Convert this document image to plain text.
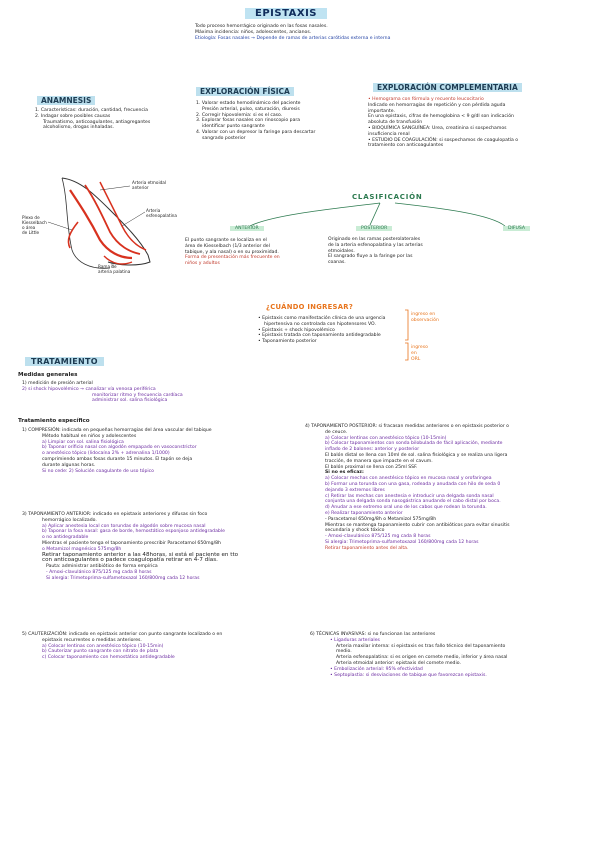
EPISTAXIS
Todo proceso hemorrágico originado en las fosas nasales.
Máxima incidencia: niños, adolescentes, ancianos.
Etiología: Fosas nasales → Depende de ramas de arterias carótidas externa e interna
ANAMNESIS
1. Características: duración, cantidad, frecuencia
2. Indagar sobre posibles causas
Traumatismo, anticoagulantes, antiagregantes
alcoholismo, drogas inhaladas.
EXPLORACIÓN FÍSICA
1. Valorar estado hemodinámico del paciente
Presión arterial, pulso, saturación, diuresis
2. Corregir hipovolemia: si es el caso.
3. Explorar fosas nasales con rinoscopio para
identificar punto sangrante
4. Valorar con un depresor la faringe para descartar
sangrado posterior
EXPLORACIÓN COMPLEMENTARIA
• Hemograma con fórmula y recuento leucocitario
Indicado en hemorragias de repetición y con pérdida aguda
importante.
En una epistaxis, cifras de hemoglobina < 9 g/dl son indicación
absoluta de transfusión
• BIOQUÍMICA SANGUÍNEA: Urea, creatinina si sospechamos
insuficiencia renal
• ESTUDIO DE COAGULACIÓN: si sospechamos de coagulopatía o
tratamiento con anticoagulantes
Arteria etmoidal
anterior
Arteria
esfenopalatina
Plexo de
Kiesselbach
o área
de Little
Rama de
arteria palatina
CLASIFICACIÓN
ANTERIOR	POSTERIOR	DIFUSA
El punto sangrante se localiza en el
área de Kiesselbach (1/3 anterior del
tabique, y ala nasal) o en su proximidad.
Forma de presentación más frecuente en
niños y adultos
Originado en las ramas posterolaterales
de la arteria esfenopalatina y las arterias
etmoidales.
El sangrado fluye a la faringe por las
coanas.
¿CUÁNDO INGRESAR?
• Epistaxis como manifestación clínica de una urgencia
hipertensiva no controlada con hipotensores VO.
• Epistaxis + shock hipovolémico
• Epistaxis tratada con taponamiento antidegradable
• Taponamiento posterior
ingreso en
observación
ingreso
en
ORL
TRATAMIENTO
Medidas generales
1) medición de presión arterial
2) si shock hipovolémico → canalizar vía venosa periférica
monitorizar ritmo y frecuencia cardíaca
administrar sol. salina fisiológica
Tratamiento específico
1) COMPRESIÓN: indicada en pequeñas hemorragias del área vascular del tabique
Método habitual en niños y adolescentes
a) Limpiar con sol. salina fisiológica
b) Taponar orificio nasal con algodón empapado en vasoconstrictor
o anestésico tópico (lidocaína 2% + adrenalina 1/1000)
comprimiendo ambas fosas durante 15 minutos. El tapón se deja
durante algunas horas.
Si no cede: 2) Solución coagulante de uso tópico
3) TAPONAMIENTO ANTERIOR: indicado en epistaxis anteriores y difusas sin foco
hemorrágico localizado.
a) Aplicar anestesia local con torundas de algodón sobre mucosa nasal
b) Taponar la fosa nasal: gasa de borde, hemostático esponjoso antidegradable
o no antidegradable
Mientras el paciente tenga el taponamiento prescribir Paracetamol 650mg/8h
o Metamizol magnésico 575mg/8h
Retirar taponamiento anterior a las 48horas, si está el paciente en tto
con anticoagulantes o padece coagulopatía retirar en 4-7 días.
Pauta: administrar antibiótico de forma empírica
- Amoxi-clavulánico 875/125 mg cada 8 horas
Si alergia: Trimetoprima-sulfametoxazol 160/800mg cada 12 horas
5) CAUTERIZACIÓN: indicado en epistaxis anterior con punto sangrante localizado o en
epistaxis recurrentes o medidas anteriores.
a) Colocar lentinas con anestésico tópico (10-15min)
b) Cauterizar punto sangrante con nitrato de plata
c) Colocar taponamiento con hemostático antidegradable
4) TAPONAMIENTO POSTERIOR: si fracasan medidas anteriores o en epistaxis posterior o
de ceuce.
a) Colocar lentinas con anestésico tópico (10-15min)
b) Colocar taponamientos con sonda bilobulada de fácil aplicación, mediante
inflado de 2 balones: anterior y posterior
El balón distal se llena con 10ml de sol. salina fisiológica y se realiza una ligera
tracción, de manera que impacte en el cavum.
El balón proximal se llena con 25ml SSF.
Si no es eficaz:
a) Colocar mechas con anestésico tópico en mucosa nasal y orofaringea
b) Formar una torunda con una gasa, rodeada y anudada con hilo de seda 0
dejando 3 extremos libres
c) Retirar las mechas con anestesia e introducir una delgada sonda nasal
conjunta una delgada sonda nasogástrica anudando el cabo distal por boca.
d) Anudar a ese extremo oral uno de los cabos que rodean la torunda.
e) Realizar taponamiento anterior
- Paracetamol 650mg/8h o Metamizol 575mg/8h
Mientras se mantenga taponamiento cubrir con antibióticos para evitar sinusitis
secundaria y shock tóxico
- Amoxi-clavulánico 875/125 mg cada 8 horas
Si alergia: Trimetoprima-sulfametoxazol 160/800mg cada 12 horas
Retirar taponamiento antes del alta.
6) TÉCNICAS INVASIVAS: si no funcionan las anteriores
• Ligaduras arteriales
Arteria maxilar interna: si epistaxis es tras fallo técnico del taponamiento
medio.
Arteria esfenopalatina: si es origen en cornete medio, inferior y área nasal
Arteria etmoidal anterior: epistaxis del cornete medio.
• Embolización arterial: 95% efectividad
• Septoplastia: si desviaciones de tabique que favorezcan epistaxis.
